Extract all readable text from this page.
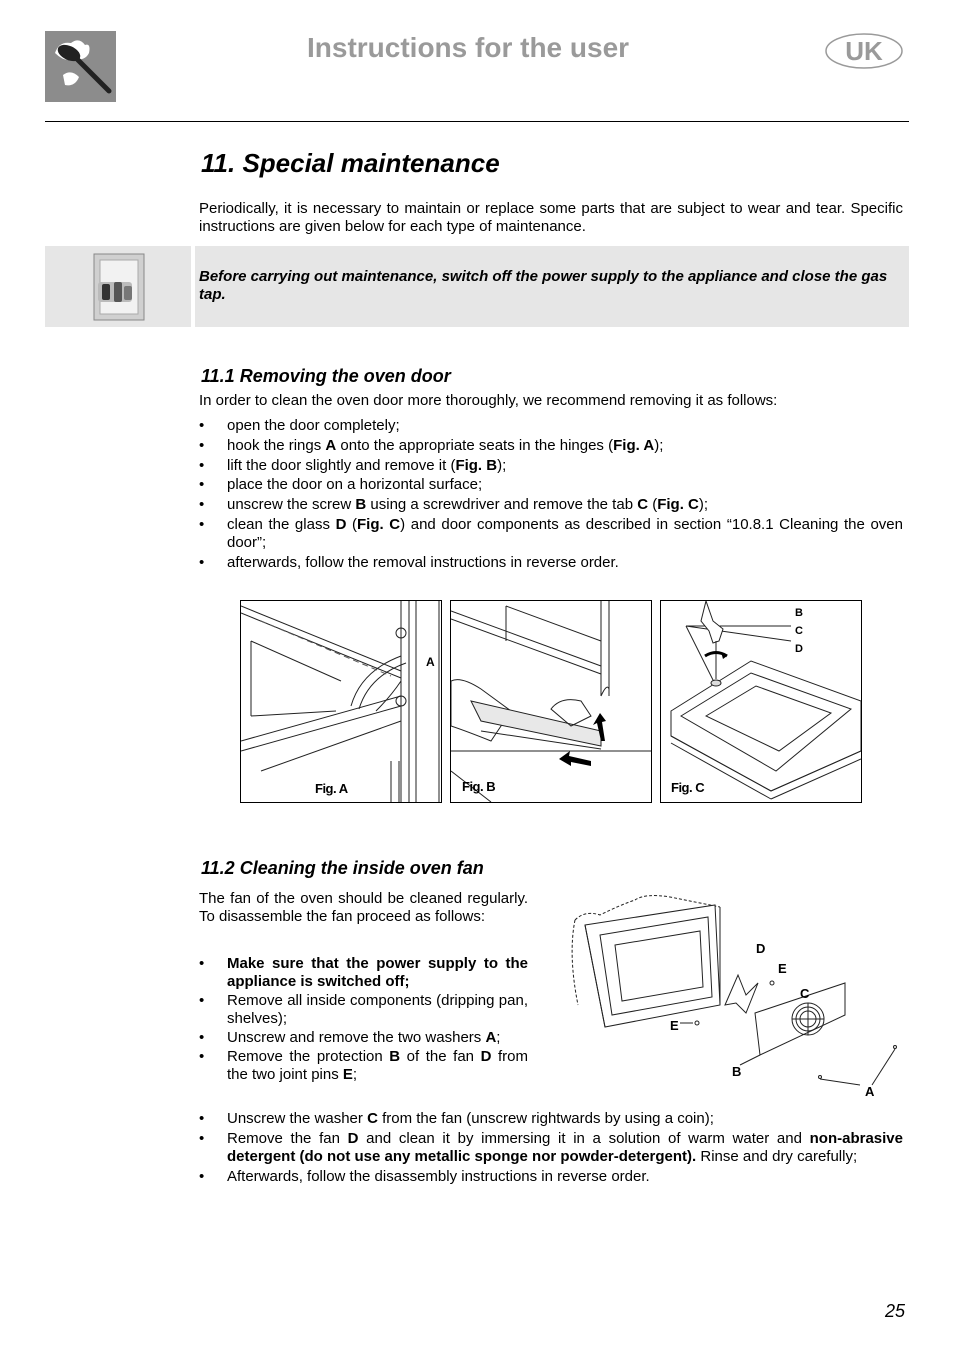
Instructions for the user	UK
11. Special maintenance
Periodically, it is necessary to maintain or replace some parts that are subject to wear and tear. Specific instructions are given below for each type of maintenance.
Before carrying out maintenance, switch off the power supply to the appliance and close the gas tap.
11.1 Removing the oven door
In order to clean the oven door more thoroughly, we recommend removing it as follows:
• open the door completely;
• hook the rings A onto the appropriate seats in the hinges (Fig. A);
• lift the door slightly and remove it (Fig. B);
• place the door on a horizontal surface;
• unscrew the screw B using a screwdriver and remove the tab C (Fig. C);
• clean the glass D (Fig. C) and door components as described in section “10.8.1 Cleaning the oven door”;
• afterwards, follow the removal instructions in reverse order.
A
Fig. A	Fig. B
B
C
D
Fig. C
11.2 Cleaning the inside oven fan
The fan of the oven should be cleaned regularly. To disassemble the fan proceed as follows:
• Make sure that the power supply to the appliance is switched off;
• Remove all inside components (dripping pan, shelves);
• Unscrew and remove the two washers A;
• Remove the protection B of the fan D from the two joint pins E;
D
E
C
E
B
A
• Unscrew the washer C from the fan (unscrew rightwards by using a coin);
• Remove the fan D and clean it by immersing it in a solution of warm water and non-abrasive detergent (do not use any metallic sponge nor powder-detergent). Rinse and dry carefully;
• Afterwards, follow the disassembly instructions in reverse order.
25
